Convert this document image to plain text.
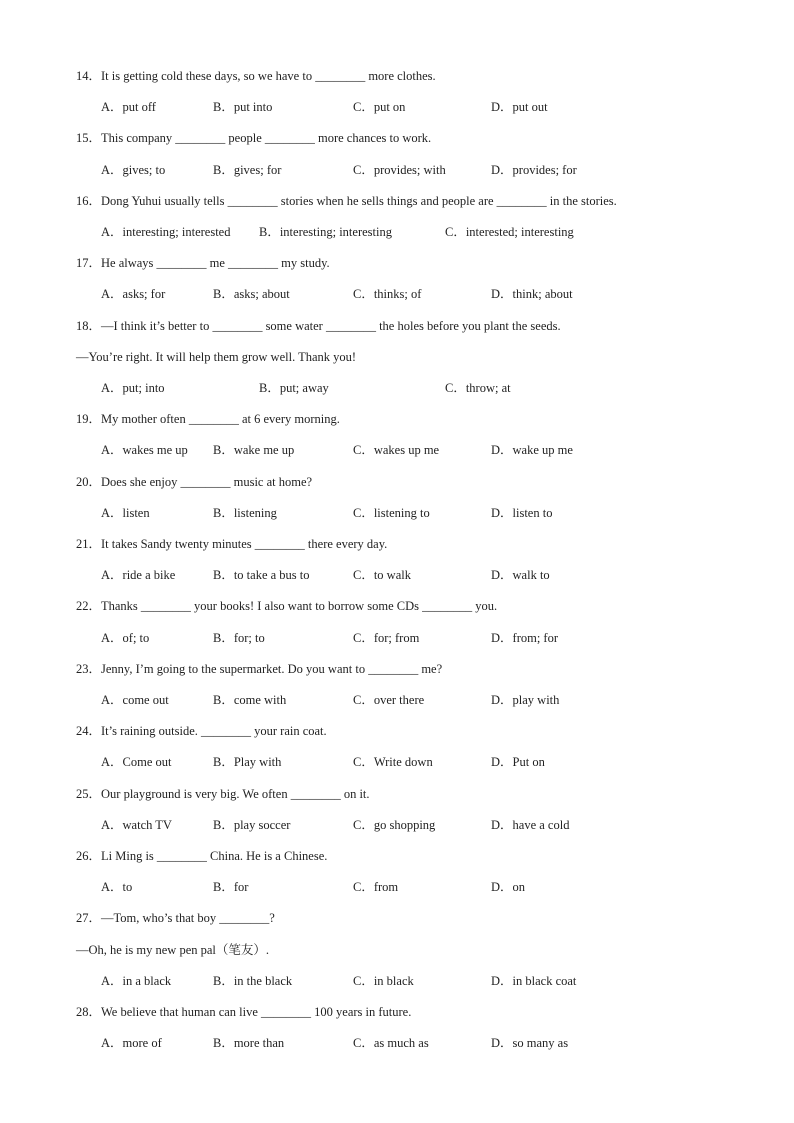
14．It is getting cold these days, so we have to ________ more clothes.
A．put off	B．put into	C．put on	D．put out
15．This company ________ people ________ more chances to work.
A．gives; to	B．gives; for	C．provides; with	D．provides; for
16．Dong Yuhui usually tells ________ stories when he sells things and people are ________ in the stories.
A．interesting; interested B．interesting; interesting	C．interested; interesting
17．He always ________ me ________ my study.
A．asks; for	B．asks; about	C．thinks; of	D．think; about
18．—I think it’s better to ________ some water ________ the holes before you plant the seeds.
—You’re right. It will help them grow well. Thank you!
A．put; into	B．put; away	C．throw; at
19．My mother often ________ at 6 every morning.
A．wakes me up B．wake me up	C．wakes up me	D．wake up me
20．Does she enjoy ________ music at home?
A．listen	B．listening	C．listening to	D．listen to
21．It takes Sandy twenty minutes ________ there every day.
A．ride a bike	B．to take a bus to	C．to walk	D．walk to
22．Thanks ________ your books! I also want to borrow some CDs ________ you.
A．of; to	B．for; to	C．for; from	D．from; for
23．Jenny, I’m going to the supermarket. Do you want to ________ me?
A．come out	B．come with	C．over there	D．play with
24．It’s raining outside. ________ your rain coat.
A．Come out	B．Play with	C．Write down	D．Put on
25．Our playground is very big. We often ________ on it.
A．watch TV	B．play soccer	C．go shopping	D．have a cold
26．Li Ming is ________ China. He is a Chinese.
A．to	B．for	C．from	D．on
27．—Tom, who’s that boy ________?
—Oh, he is my new pen pal（笔友）.
A．in a black	B．in the black	C．in black	D．in black coat
28．We believe that human can live ________ 100 years in future.
A．more of	B．more than	C．as much as	D．so many as
